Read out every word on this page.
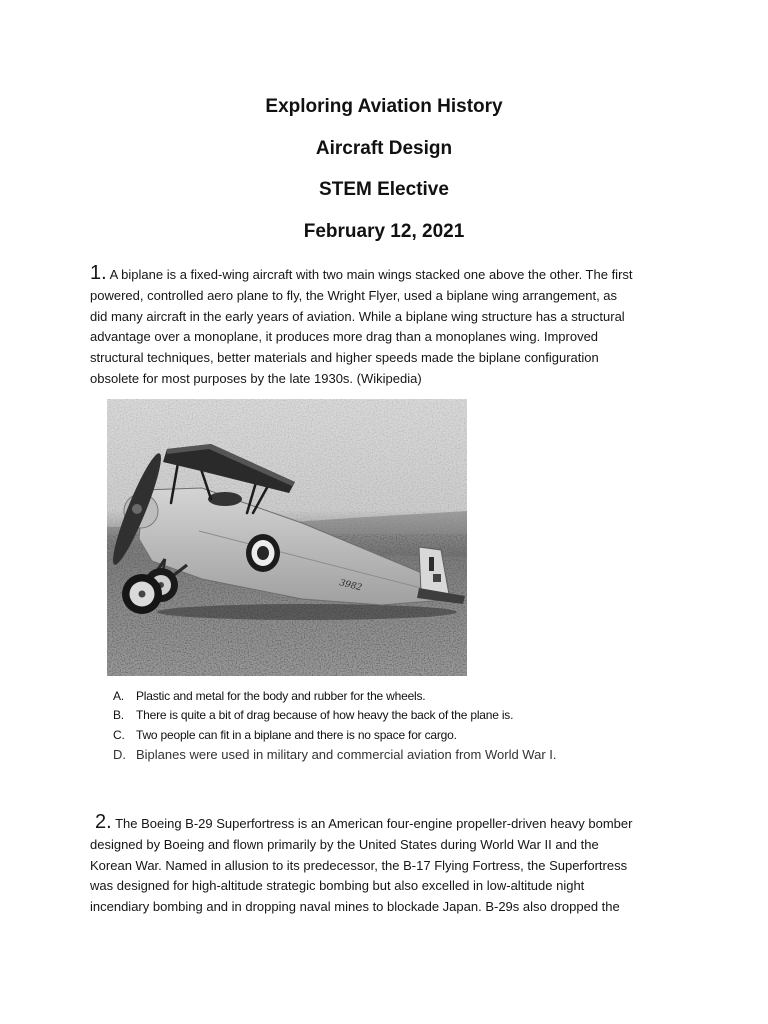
Exploring Aviation History
Aircraft Design
STEM Elective
February 12, 2021
1. A biplane is a fixed-wing aircraft with two main wings stacked one above the other. The first
powered, controlled aero plane to fly, the Wright Flyer, used a biplane wing arrangement, as
did many aircraft in the early years of aviation. While a biplane wing structure has a structural
advantage over a monoplane, it produces more drag than a monoplanes wing. Improved
structural techniques, better materials and higher speeds made the biplane configuration
obsolete for most purposes by the late 1930s. (Wikipedia)
3982
A. Plastic and metal for the body and rubber for the wheels.
B. There is quite a bit of drag because of how heavy the back of the plane is.
C. Two people can fit in a biplane and there is no space for cargo.
D. Biplanes were used in military and commercial aviation from World War I.
2. The Boeing B-29 Superfortress is an American four-engine propeller-driven heavy bomber
designed by Boeing and flown primarily by the United States during World War II and the
Korean War. Named in allusion to its predecessor, the B-17 Flying Fortress, the Superfortress
was designed for high-altitude strategic bombing but also excelled in low-altitude night
incendiary bombing and in dropping naval mines to blockade Japan. B-29s also dropped the
